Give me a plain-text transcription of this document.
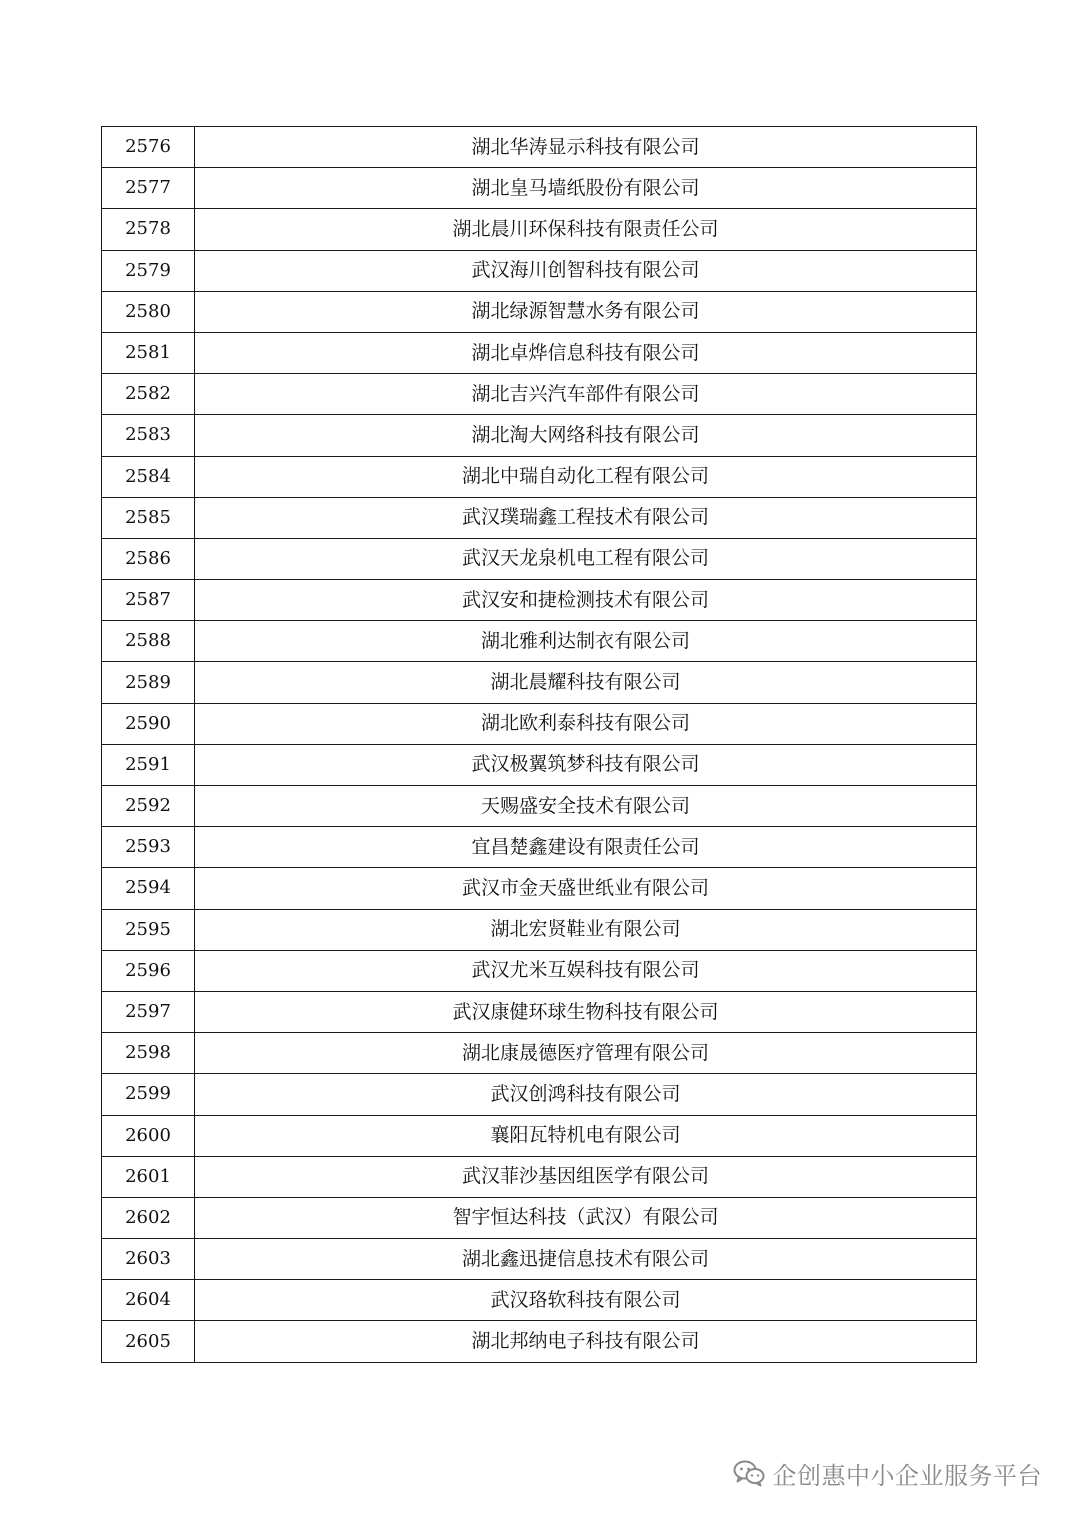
2576	湖北华涛显示科技有限公司
2577	湖北皇马墙纸股份有限公司
2578	湖北晨川环保科技有限责任公司
2579	武汉海川创智科技有限公司
2580	湖北绿源智慧水务有限公司
2581	湖北卓烨信息科技有限公司
2582	湖北吉兴汽车部件有限公司
2583	湖北淘大网络科技有限公司
2584	湖北中瑞自动化工程有限公司
2585	武汉璞瑞鑫工程技术有限公司
2586	武汉天龙泉机电工程有限公司
2587	武汉安和捷检测技术有限公司
2588	湖北雅利达制衣有限公司
2589	湖北晨耀科技有限公司
2590	湖北欧利泰科技有限公司
2591	武汉极翼筑梦科技有限公司
2592	天赐盛安全技术有限公司
2593	宜昌楚鑫建设有限责任公司
2594	武汉市金天盛世纸业有限公司
2595	湖北宏贤鞋业有限公司
2596	武汉尤米互娱科技有限公司
2597	武汉康健环球生物科技有限公司
2598	湖北康晟德医疗管理有限公司
2599	武汉创鸿科技有限公司
2600	襄阳瓦特机电有限公司
2601	武汉菲沙基因组医学有限公司
2602	智宇恒达科技（武汉）有限公司
2603	湖北鑫迅捷信息技术有限公司
2604	武汉珞软科技有限公司
2605	湖北邦纳电子科技有限公司
企创惠中小企业服务平台
